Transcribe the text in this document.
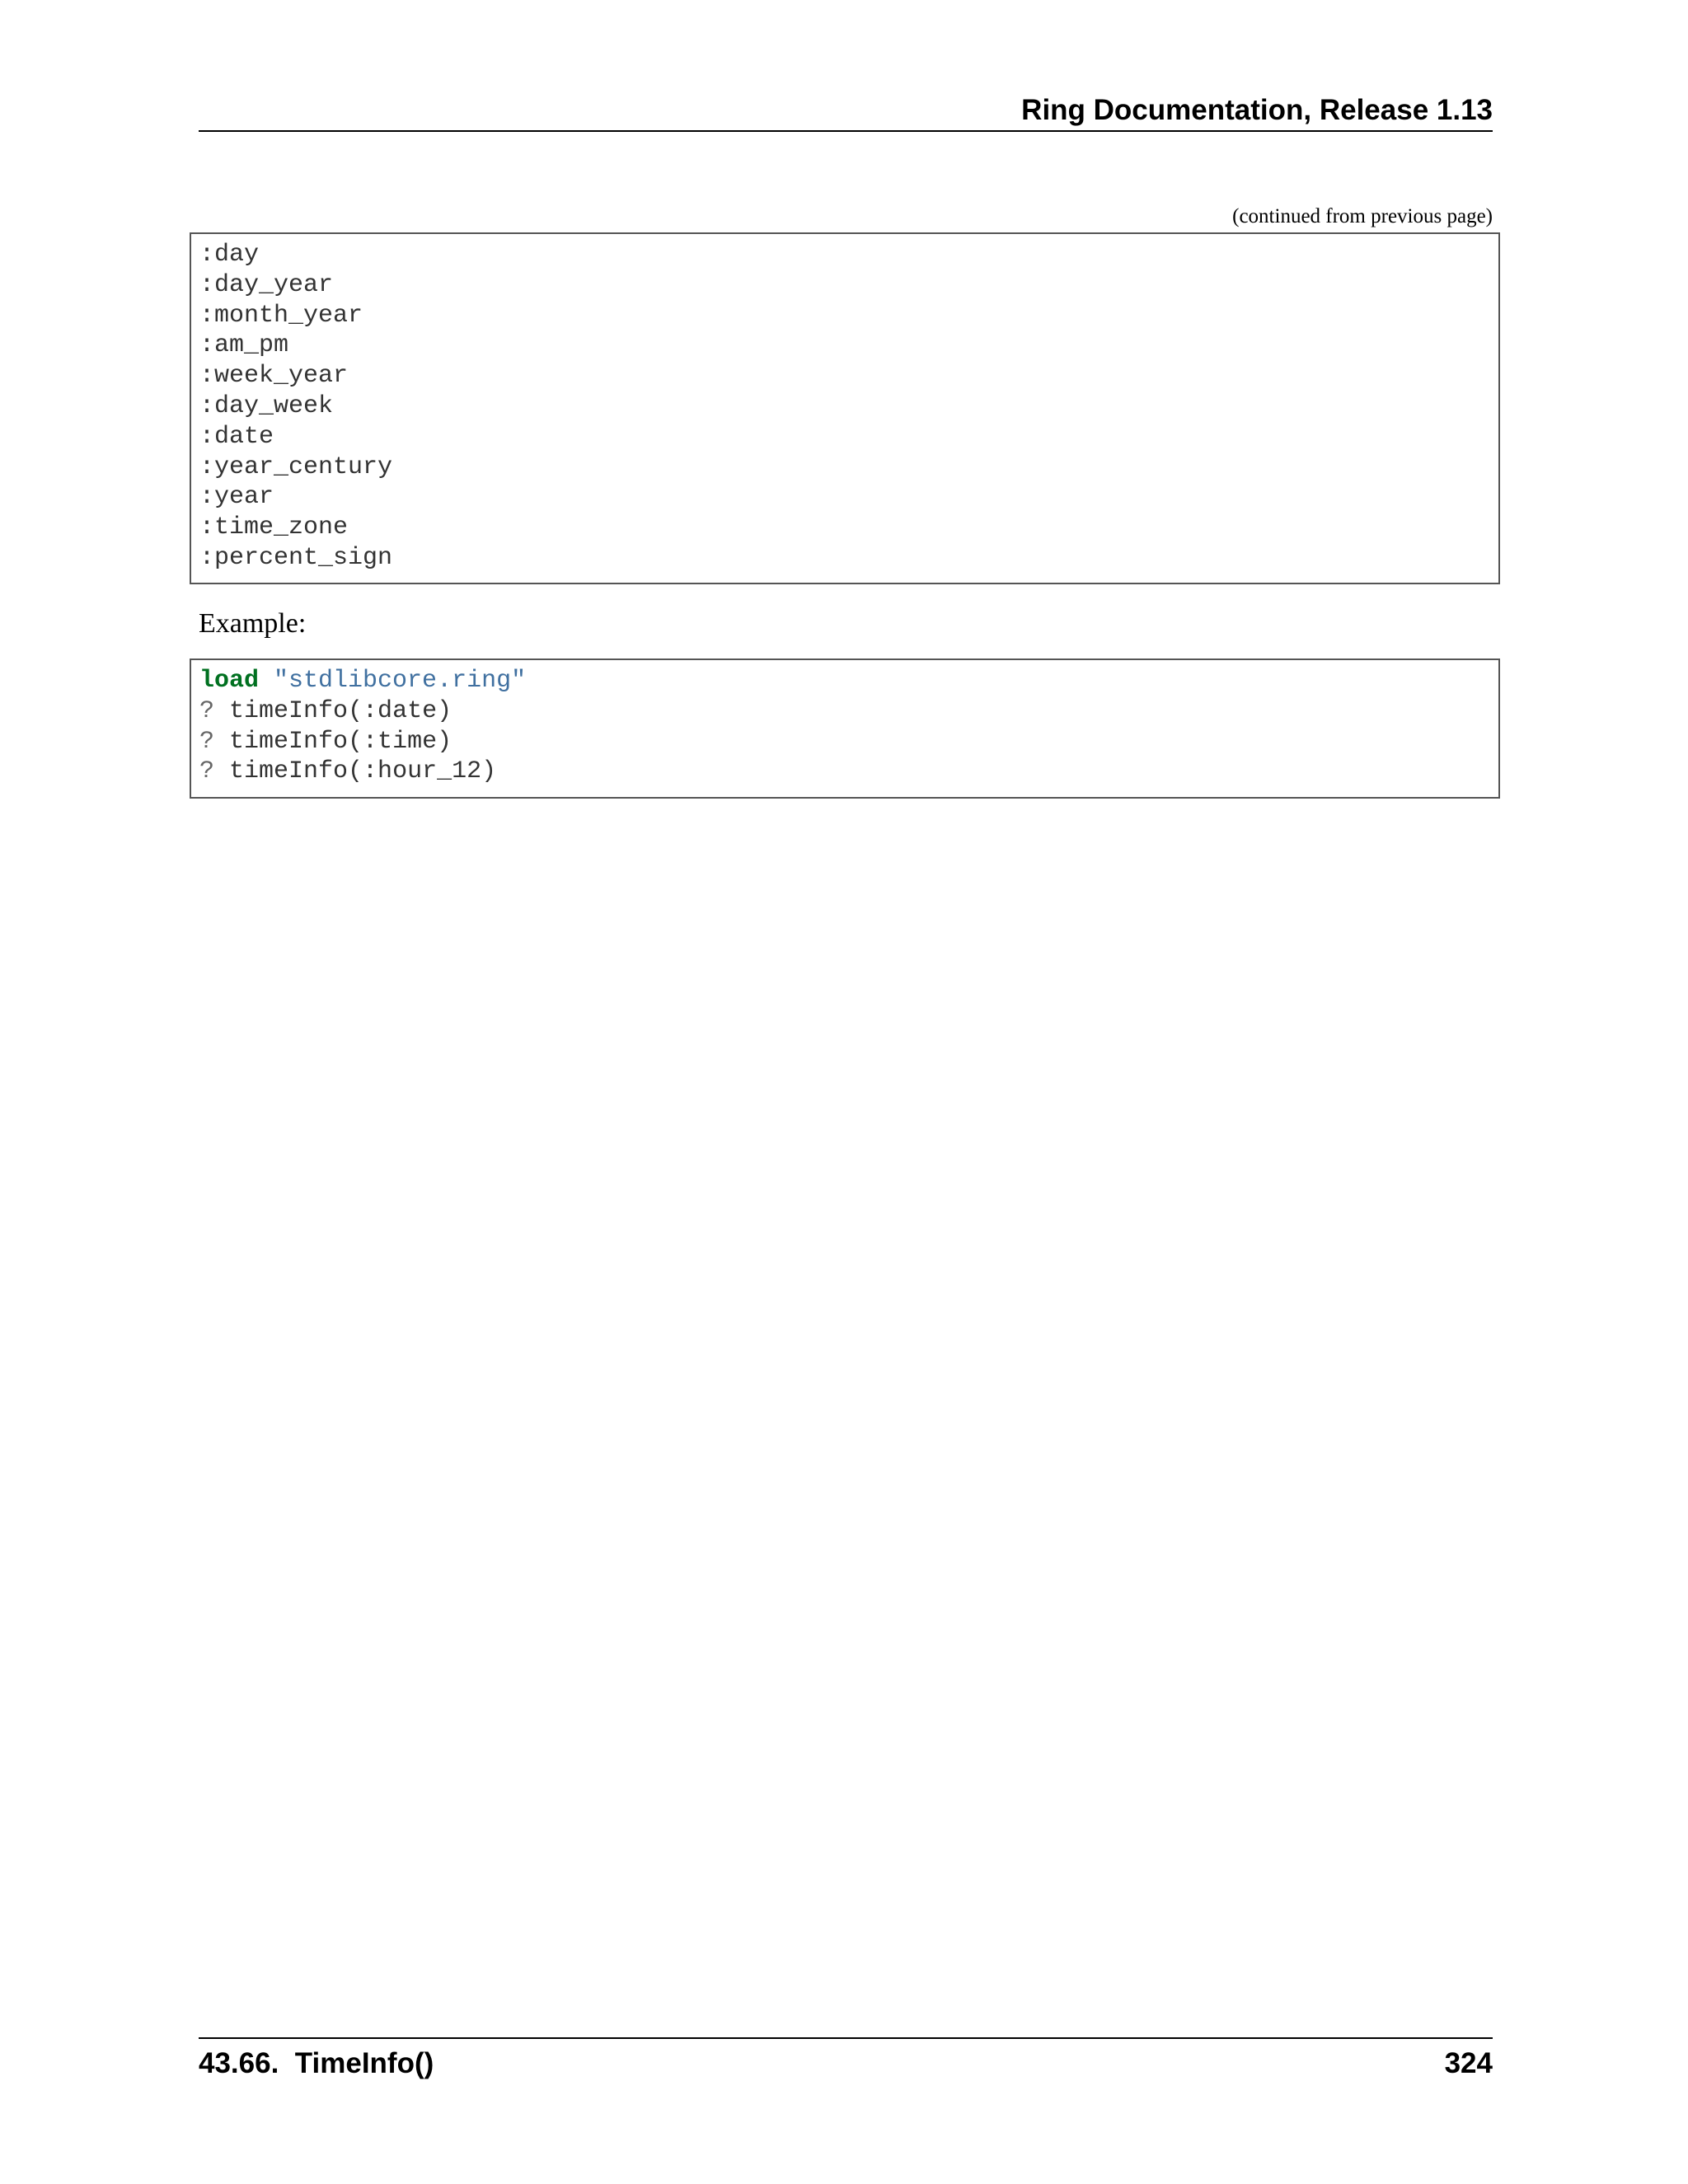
Ring Documentation, Release 1.13
(continued from previous page)
:day
:day_year
:month_year
:am_pm
:week_year
:day_week
:date
:year_century
:year
:time_zone
:percent_sign
Example:
load "stdlibcore.ring"
? timeInfo(:date)
? timeInfo(:time)
? timeInfo(:hour_12)
43.66.  TimeInfo()	324
